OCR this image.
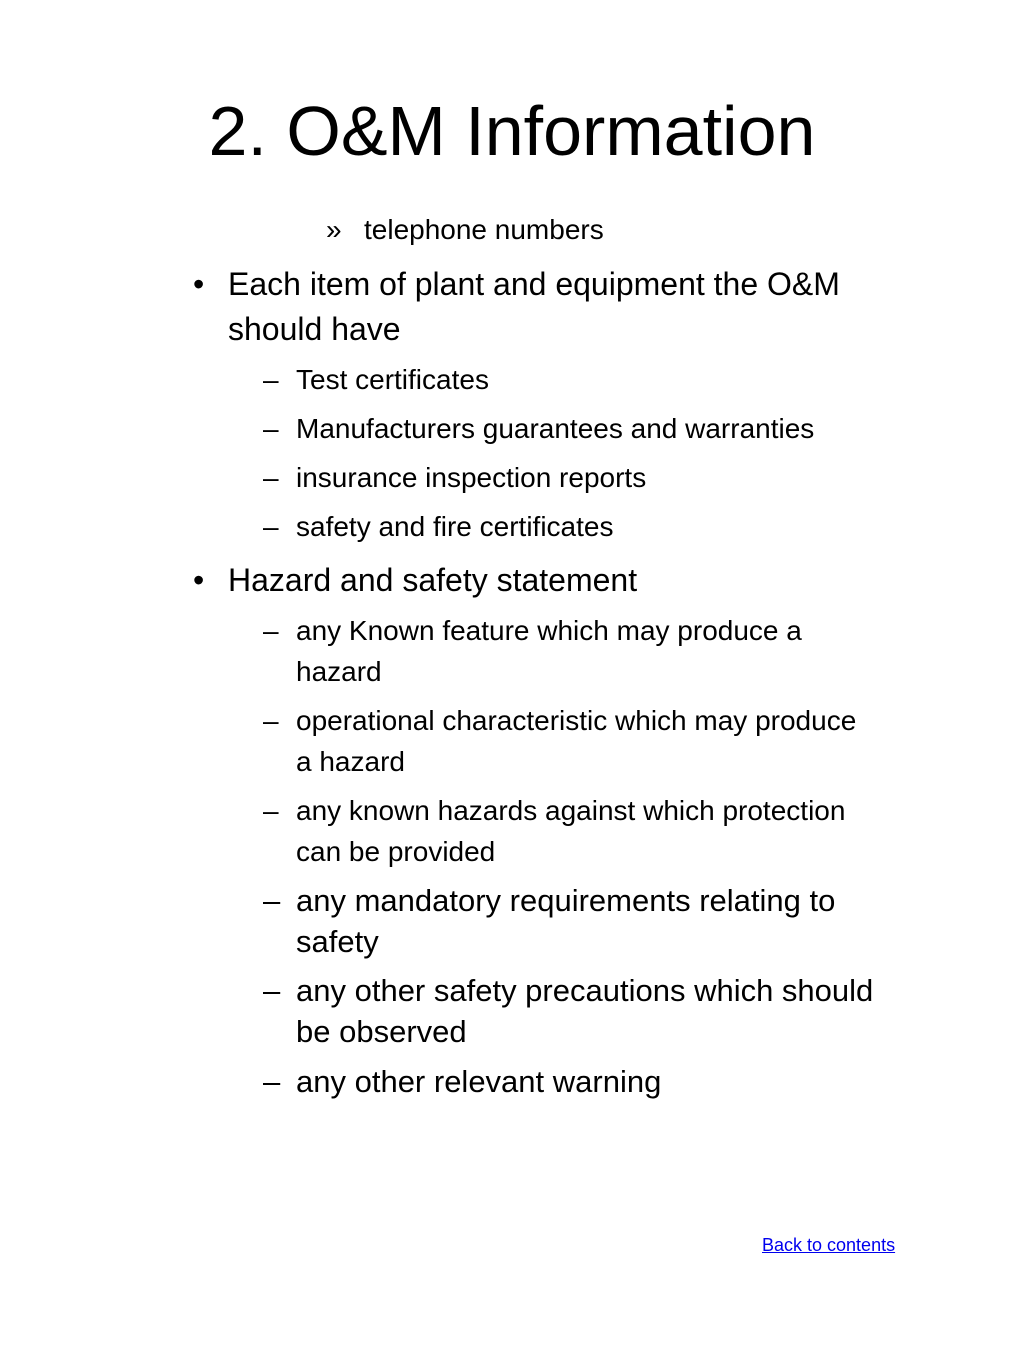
2. O&M Information
» telephone numbers
• Each item of plant and equipment the O&M
should have
– Test certificates
– Manufacturers guarantees and warranties
– insurance inspection reports
– safety and fire certificates
• Hazard and safety statement
– any Known feature which may produce a
hazard
– operational characteristic which may produce
a hazard
– any known hazards against which protection
can be provided
– any mandatory requirements relating to
safety
– any other safety precautions which should
be observed
– any other relevant warning
Back to contents
